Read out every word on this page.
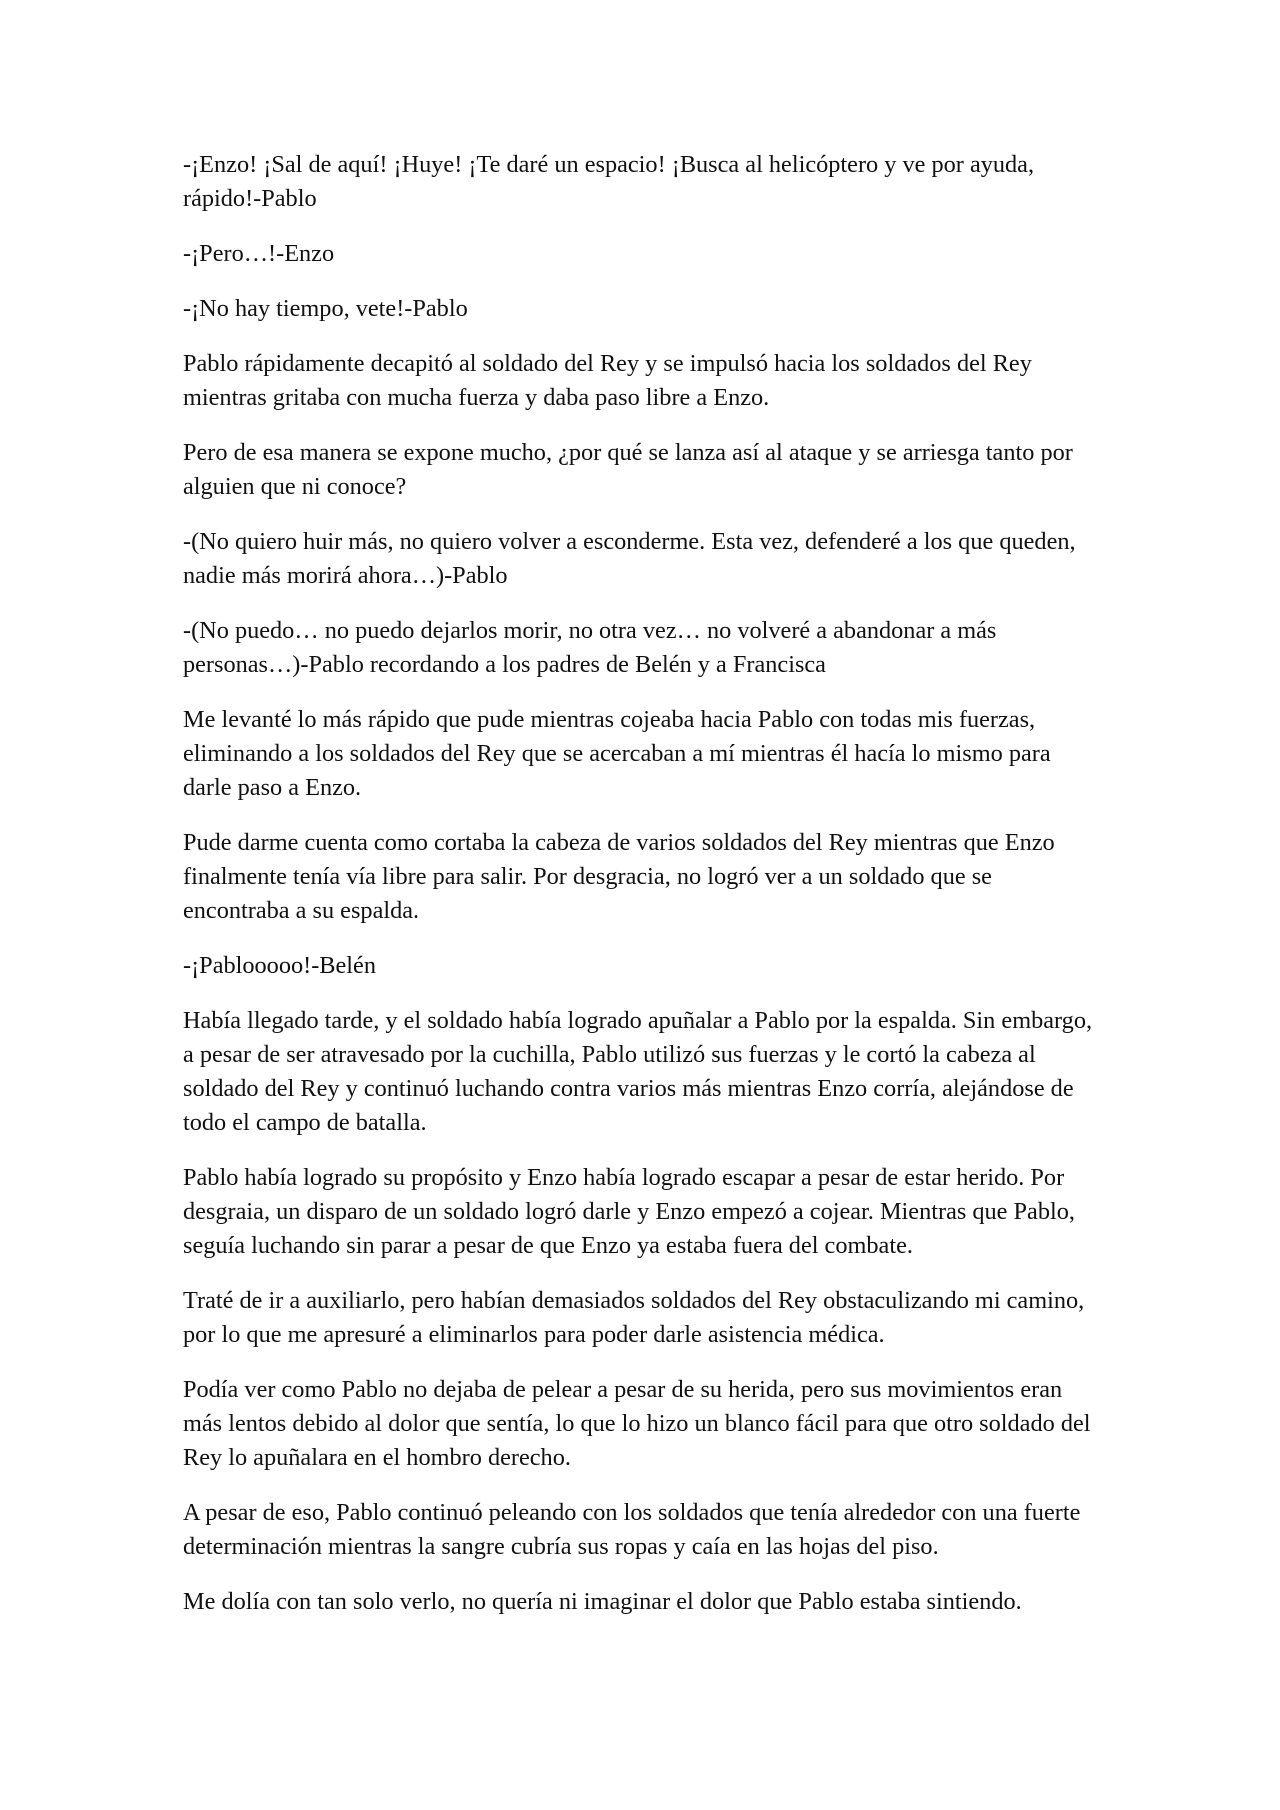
-¡Enzo! ¡Sal de aquí! ¡Huye! ¡Te daré un espacio! ¡Busca al helicóptero y ve por ayuda, rápido!-Pablo

-¡Pero…!-Enzo

-¡No hay tiempo, vete!-Pablo

Pablo rápidamente decapitó al soldado del Rey y se impulsó hacia los soldados del Rey mientras gritaba con mucha fuerza y daba paso libre a Enzo.

Pero de esa manera se expone mucho, ¿por qué se lanza así al ataque y se arriesga tanto por alguien que ni conoce?

-(No quiero huir más, no quiero volver a esconderme. Esta vez, defenderé a los que queden, nadie más morirá ahora…)-Pablo

-(No puedo… no puedo dejarlos morir, no otra vez… no volveré a abandonar a más personas…)-Pablo recordando a los padres de Belén y a Francisca

Me levanté lo más rápido que pude mientras cojeaba hacia Pablo con todas mis fuerzas, eliminando a los soldados del Rey que se acercaban a mí mientras él hacía lo mismo para darle paso a Enzo.

Pude darme cuenta como cortaba la cabeza de varios soldados del Rey mientras que Enzo finalmente tenía vía libre para salir. Por desgracia, no logró ver a un soldado que se encontraba a su espalda.

-¡Pablooooo!-Belén

Había llegado tarde, y el soldado había logrado apuñalar a Pablo por la espalda. Sin embargo, a pesar de ser atravesado por la cuchilla, Pablo utilizó sus fuerzas y le cortó la cabeza al soldado del Rey y continuó luchando contra varios más mientras Enzo corría, alejándose de todo el campo de batalla.

Pablo había logrado su propósito y Enzo había logrado escapar a pesar de estar herido. Por desgraia, un disparo de un soldado logró darle y Enzo empezó a cojear. Mientras que Pablo, seguía luchando sin parar a pesar de que Enzo ya estaba fuera del combate.

Traté de ir a auxiliarlo, pero habían demasiados soldados del Rey obstaculizando mi camino, por lo que me apresuré a eliminarlos para poder darle asistencia médica.

Podía ver como Pablo no dejaba de pelear a pesar de su herida, pero sus movimientos eran más lentos debido al dolor que sentía, lo que lo hizo un blanco fácil para que otro soldado del Rey lo apuñalara en el hombro derecho.

A pesar de eso, Pablo continuó peleando con los soldados que tenía alrededor con una fuerte determinación mientras la sangre cubría sus ropas y caía en las hojas del piso.

Me dolía con tan solo verlo, no quería ni imaginar el dolor que Pablo estaba sintiendo.
